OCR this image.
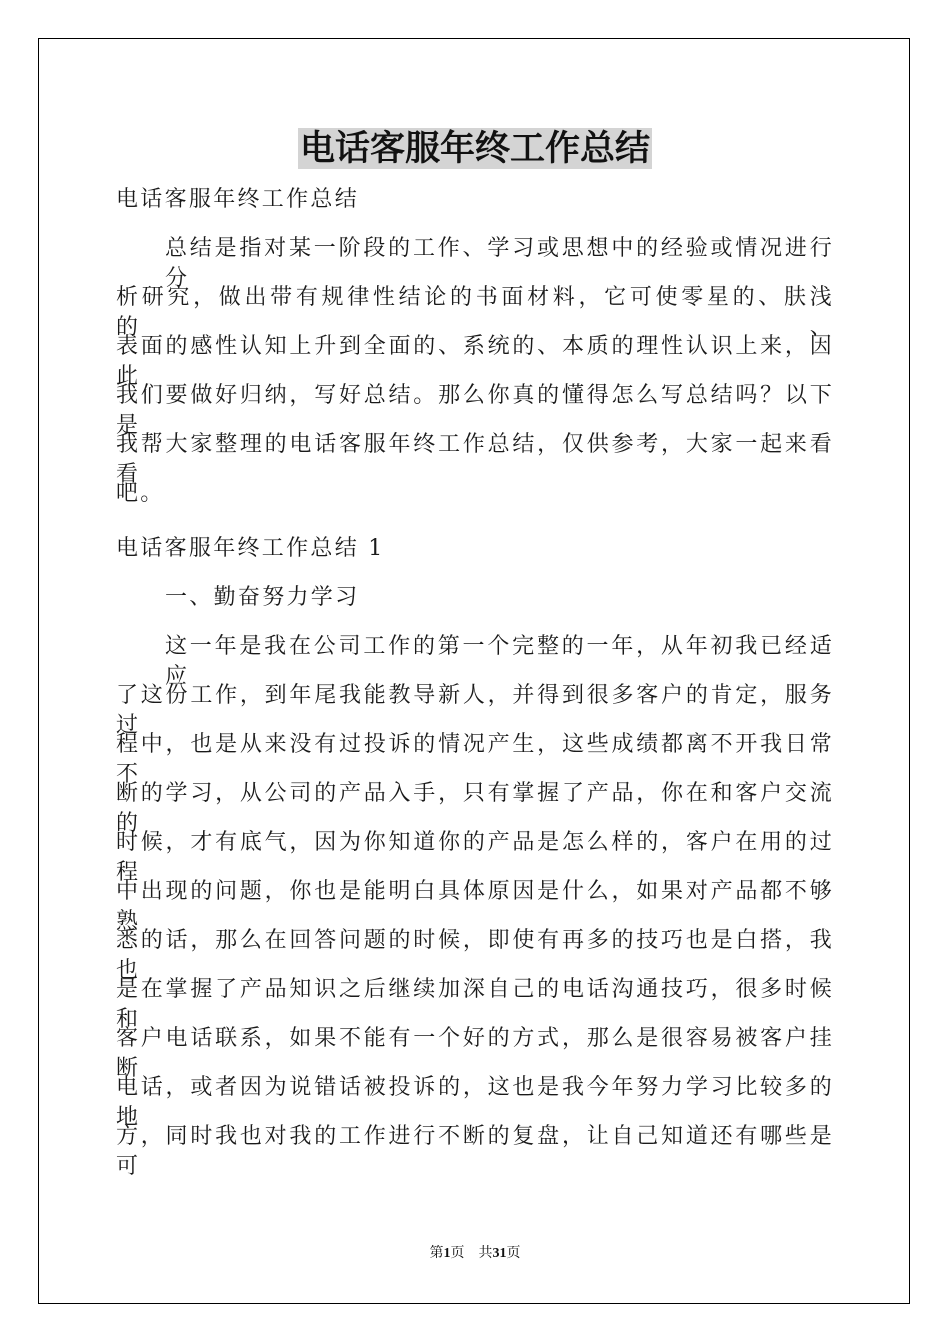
电话客服年终工作总结
电话客服年终工作总结
总结是指对某一阶段的工作、学习或思想中的经验或情况进行分
析研究，做出带有规律性结论的书面材料，它可使零星的、肤浅的、
表面的感性认知上升到全面的、系统的、本质的理性认识上来，因此
我们要做好归纳，写好总结。那么你真的懂得怎么写总结吗？以下是
我帮大家整理的电话客服年终工作总结，仅供参考，大家一起来看看
吧。
电话客服年终工作总结 1
一、勤奋努力学习
这一年是我在公司工作的第一个完整的一年，从年初我已经适应
了这份工作，到年尾我能教导新人，并得到很多客户的肯定，服务过
程中，也是从来没有过投诉的情况产生，这些成绩都离不开我日常不
断的学习，从公司的产品入手，只有掌握了产品，你在和客户交流的
时候，才有底气，因为你知道你的产品是怎么样的，客户在用的过程
中出现的问题，你也是能明白具体原因是什么，如果对产品都不够熟
悉的话，那么在回答问题的时候，即使有再多的技巧也是白搭，我也
是在掌握了产品知识之后继续加深自己的电话沟通技巧，很多时候和
客户电话联系，如果不能有一个好的方式，那么是很容易被客户挂断
电话，或者因为说错话被投诉的，这也是我今年努力学习比较多的地
方，同时我也对我的工作进行不断的复盘，让自己知道还有哪些是可
第1页 共31页
